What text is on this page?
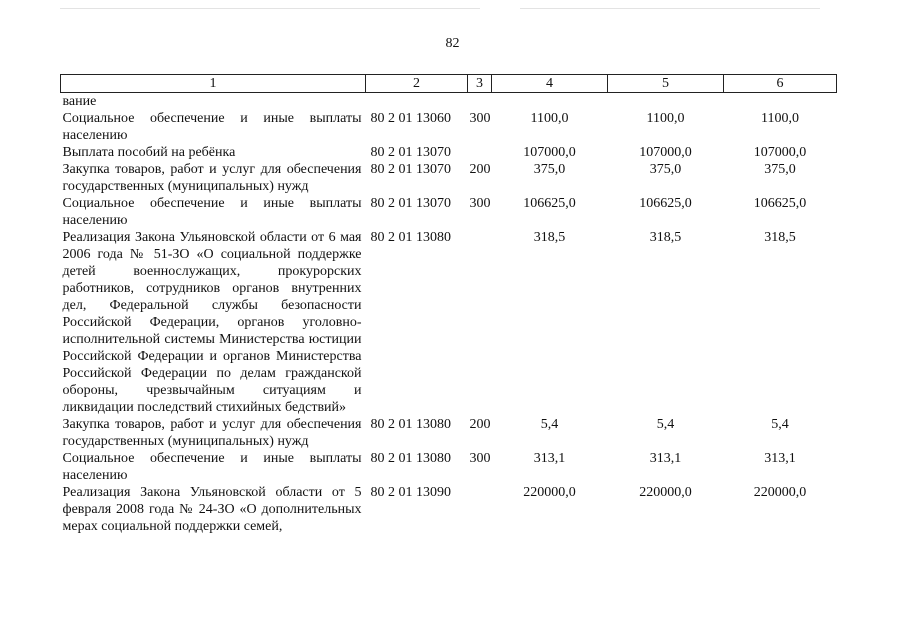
82
1	2	3	4	5	6
вание					
Социальное обеспечение и иные выплаты населению	80 2 01 13060	300	1100,0	1100,0	1100,0
Выплата пособий на ребёнка	80 2 01 13070		107000,0	107000,0	107000,0
Закупка товаров, работ и услуг для обеспечения государственных (муниципальных) нужд	80 2 01 13070	200	375,0	375,0	375,0
Социальное обеспечение и иные выплаты населению	80 2 01 13070	300	106625,0	106625,0	106625,0
Реализация Закона Ульяновской области от 6 мая 2006 года № 51-ЗО «О социальной поддержке детей военнослужащих, прокурорских работников, сотрудников органов внутренних дел, Федеральной службы безопасности Российской Федерации, органов уголовно-исполнительной системы Министерства юстиции Российской Федерации и органов Министерства Российской Федерации по делам гражданской обороны, чрезвычайным ситуациям и ликвидации последствий стихийных бедствий»	80 2 01 13080		318,5	318,5	318,5
Закупка товаров, работ и услуг для обеспечения государственных (муниципальных) нужд	80 2 01 13080	200	5,4	5,4	5,4
Социальное обеспечение и иные выплаты населению	80 2 01 13080	300	313,1	313,1	313,1
Реализация Закона Ульяновской области от 5 февраля 2008 года № 24-ЗО «О дополнительных мерах социальной поддержки семей,	80 2 01 13090		220000,0	220000,0	220000,0
